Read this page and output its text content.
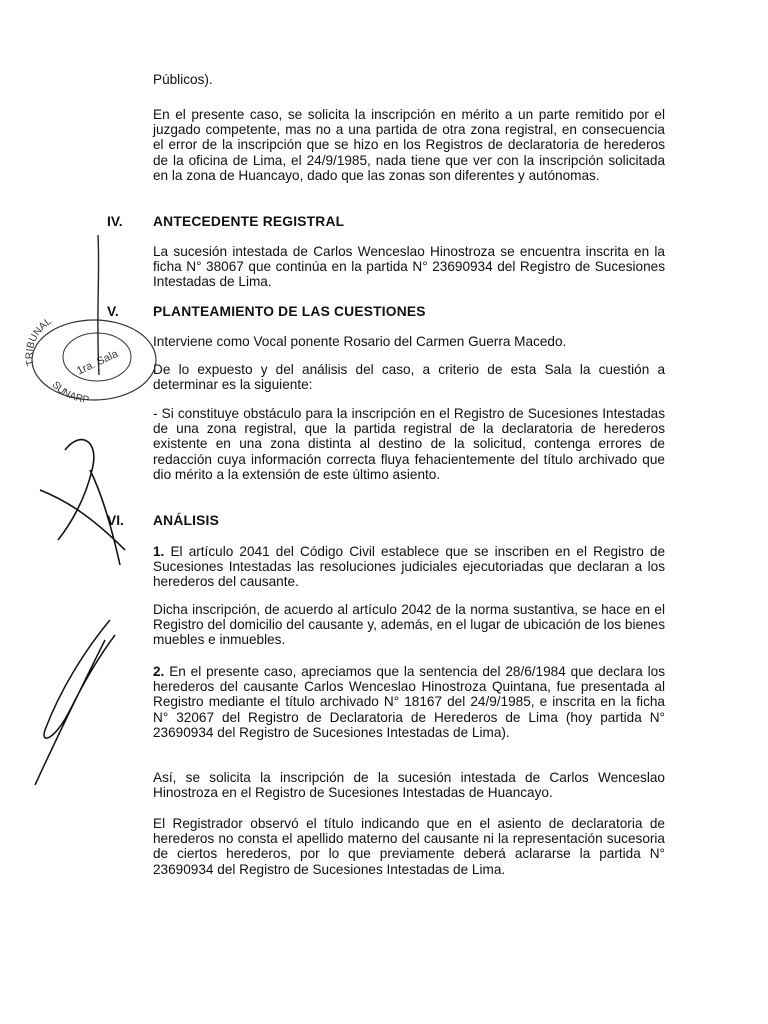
Públicos).

En el presente caso, se solicita la inscripción en mérito a un parte remitido por el juzgado competente, mas no a una partida de otra zona registral, en consecuencia el error de la inscripción que se hizo en los Registros de declaratoria de herederos de la oficina de Lima, el 24/9/1985, nada tiene que ver con la inscripción solicitada en la zona de Huancayo, dado que las zonas son diferentes y autónomas.

IV. ANTECEDENTE REGISTRAL

La sucesión intestada de Carlos Wenceslao Hinostroza se encuentra inscrita en la ficha N° 38067 que continúa en la partida N° 23690934 del Registro de Sucesiones Intestadas de Lima.

V. PLANTEAMIENTO DE LAS CUESTIONES

Interviene como Vocal ponente Rosario del Carmen Guerra Macedo.

De lo expuesto y del análisis del caso, a criterio de esta Sala la cuestión a determinar es la siguiente:

- Si constituye obstáculo para la inscripción en el Registro de Sucesiones Intestadas de una zona registral, que la partida registral de la declaratoria de herederos existente en una zona distinta al destino de la solicitud, contenga errores de redacción cuya información correcta fluya fehacientemente del título archivado que dio mérito a la extensión de este último asiento.

VI. ANÁLISIS

1. El artículo 2041 del Código Civil establece que se inscriben en el Registro de Sucesiones Intestadas las resoluciones judiciales ejecutoriadas que declaran a los herederos del causante.

Dicha inscripción, de acuerdo al artículo 2042 de la norma sustantiva, se hace en el Registro del domicilio del causante y, además, en el lugar de ubicación de los bienes muebles e inmuebles.

2. En el presente caso, apreciamos que la sentencia del 28/6/1984 que declara los herederos del causante Carlos Wenceslao Hinostroza Quintana, fue presentada al Registro mediante el título archivado N° 18167 del 24/9/1985, e inscrita en la ficha N° 32067 del Registro de Declaratoria de Herederos de Lima (hoy partida N° 23690934 del Registro de Sucesiones Intestadas de Lima).

Así, se solicita la inscripción de la sucesión intestada de Carlos Wenceslao Hinostroza en el Registro de Sucesiones Intestadas de Huancayo.

El Registrador observó el título indicando que en el asiento de declaratoria de herederos no consta el apellido materno del causante ni la representación sucesoria de ciertos herederos, por lo que previamente deberá aclararse la partida N° 23690934 del Registro de Sucesiones Intestadas de Lima.

TRIBUNAL
SUNARP
1ra. Sala
